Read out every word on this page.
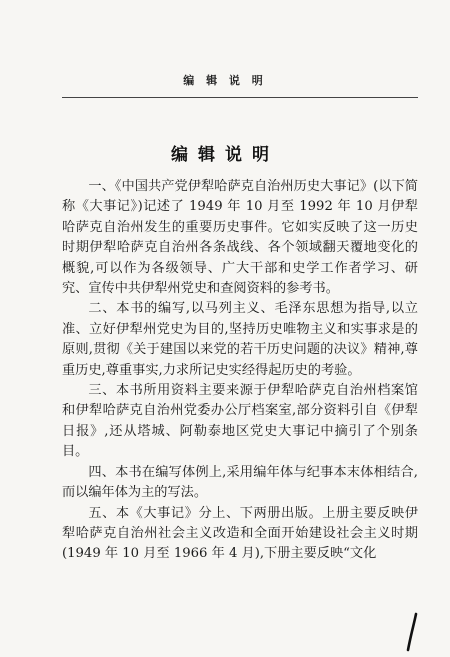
编 辑 说 明
编辑说明

一、《中国共产党伊犁哈萨克自治州历史大事记》(以下简称《大事记》)记述了 1949 年 10 月至 1992 年 10 月伊犁哈萨克自治州发生的重要历史事件。它如实反映了这一历史时期伊犁哈萨克自治州各条战线、各个领域翻天覆地变化的概貌,可以作为各级领导、广大干部和史学工作者学习、研究、宣传中共伊犁州党史和查阅资料的参考书。

二、本书的编写,以马列主义、毛泽东思想为指导,以立准、立好伊犁州党史为目的,坚持历史唯物主义和实事求是的原则,贯彻《关于建国以来党的若干历史问题的决议》精神,尊重历史,尊重事实,力求所记史实经得起历史的考验。

三、本书所用资料主要来源于伊犁哈萨克自治州档案馆和伊犁哈萨克自治州党委办公厅档案室,部分资料引自《伊犁日报》,还从塔城、阿勒泰地区党史大事记中摘引了个别条目。

四、本书在编写体例上,采用编年体与纪事本末体相结合,而以编年体为主的写法。

五、本《大事记》分上、下两册出版。上册主要反映伊犁哈萨克自治州社会主义改造和全面开始建设社会主义时期(1949 年 10 月至 1966 年 4 月),下册主要反映“文化
